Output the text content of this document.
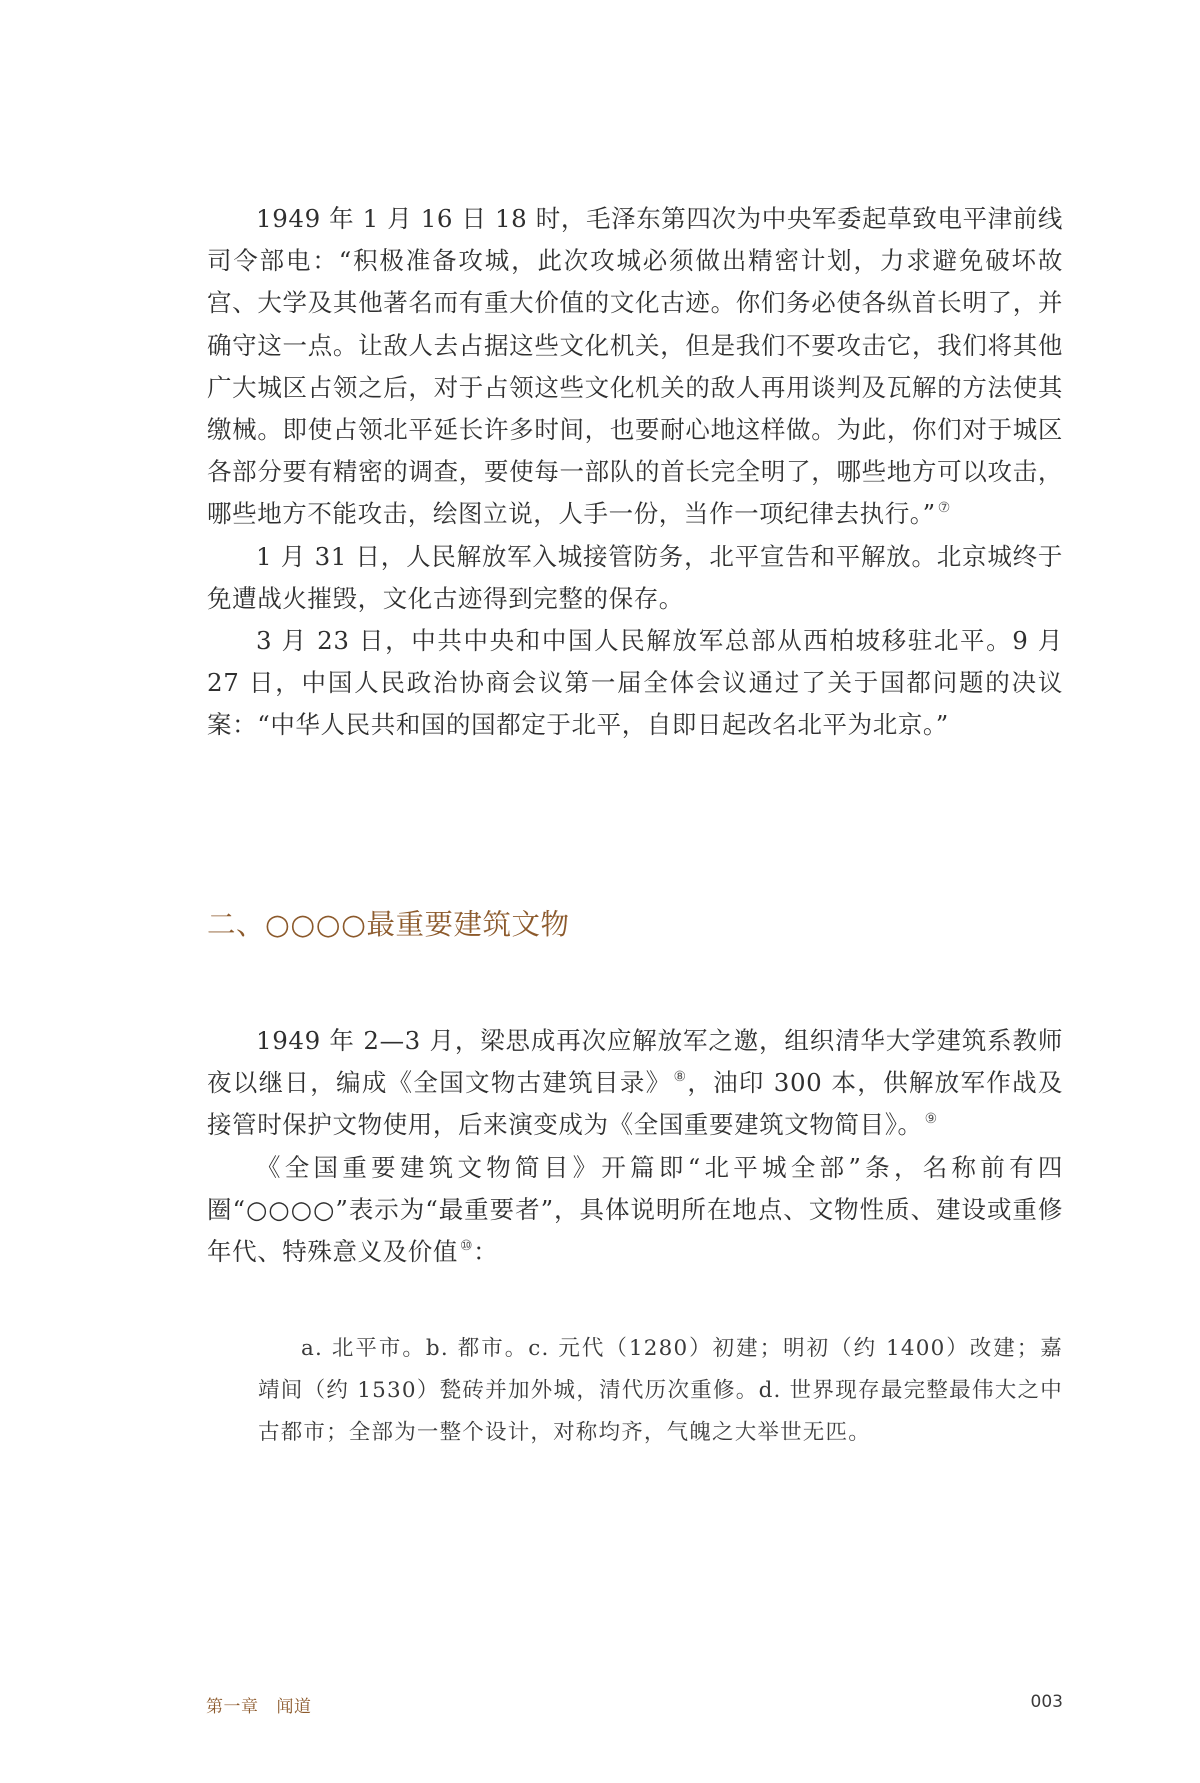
1949 年 1 月 16 日 18 时，毛泽东第四次为中央军委起草致电平津前线司令部电：“积极准备攻城，此次攻城必须做出精密计划，力求避免破坏故宫、大学及其他著名而有重大价值的文化古迹。你们务必使各纵首长明了，并确守这一点。让敌人去占据这些文化机关，但是我们不要攻击它，我们将其他广大城区占领之后，对于占领这些文化机关的敌人再用谈判及瓦解的方法使其缴械。即使占领北平延长许多时间，也要耐心地这样做。为此，你们对于城区各部分要有精密的调查，要使每一部队的首长完全明了，哪些地方可以攻击，哪些地方不能攻击，绘图立说，人手一份，当作一项纪律去执行。” ⑦

1 月 31 日，人民解放军入城接管防务，北平宣告和平解放。北京城终于免遭战火摧毁，文化古迹得到完整的保存。

3 月 23 日，中共中央和中国人民解放军总部从西柏坡移驻北平。9 月 27 日，中国人民政治协商会议第一届全体会议通过了关于国都问题的决议案：“中华人民共和国的国都定于北平，自即日起改名北平为北京。”

二、○○○○最重要建筑文物

1949 年 2—3 月，梁思成再次应解放军之邀，组织清华大学建筑系教师夜以继日，编成《全国文物古建筑目录》 ⑧，油印 300 本，供解放军作战及接管时保护文物使用，后来演变成为《全国重要建筑文物简目》。 ⑨

《全国重要建筑文物简目》开篇即“北平城全部”条，名称前有四圈“○○○○”表示为“最重要者”，具体说明所在地点、文物性质、建设或重修年代、特殊意义及价值 ⑩：

a. 北平市。b. 都市。c. 元代（1280）初建；明初（约 1400）改建；嘉靖间（约 1530）甃砖并加外城，清代历次重修。d. 世界现存最完整最伟大之中古都市；全部为一整个设计，对称均齐，气魄之大举世无匹。

第一章 闻道	003
